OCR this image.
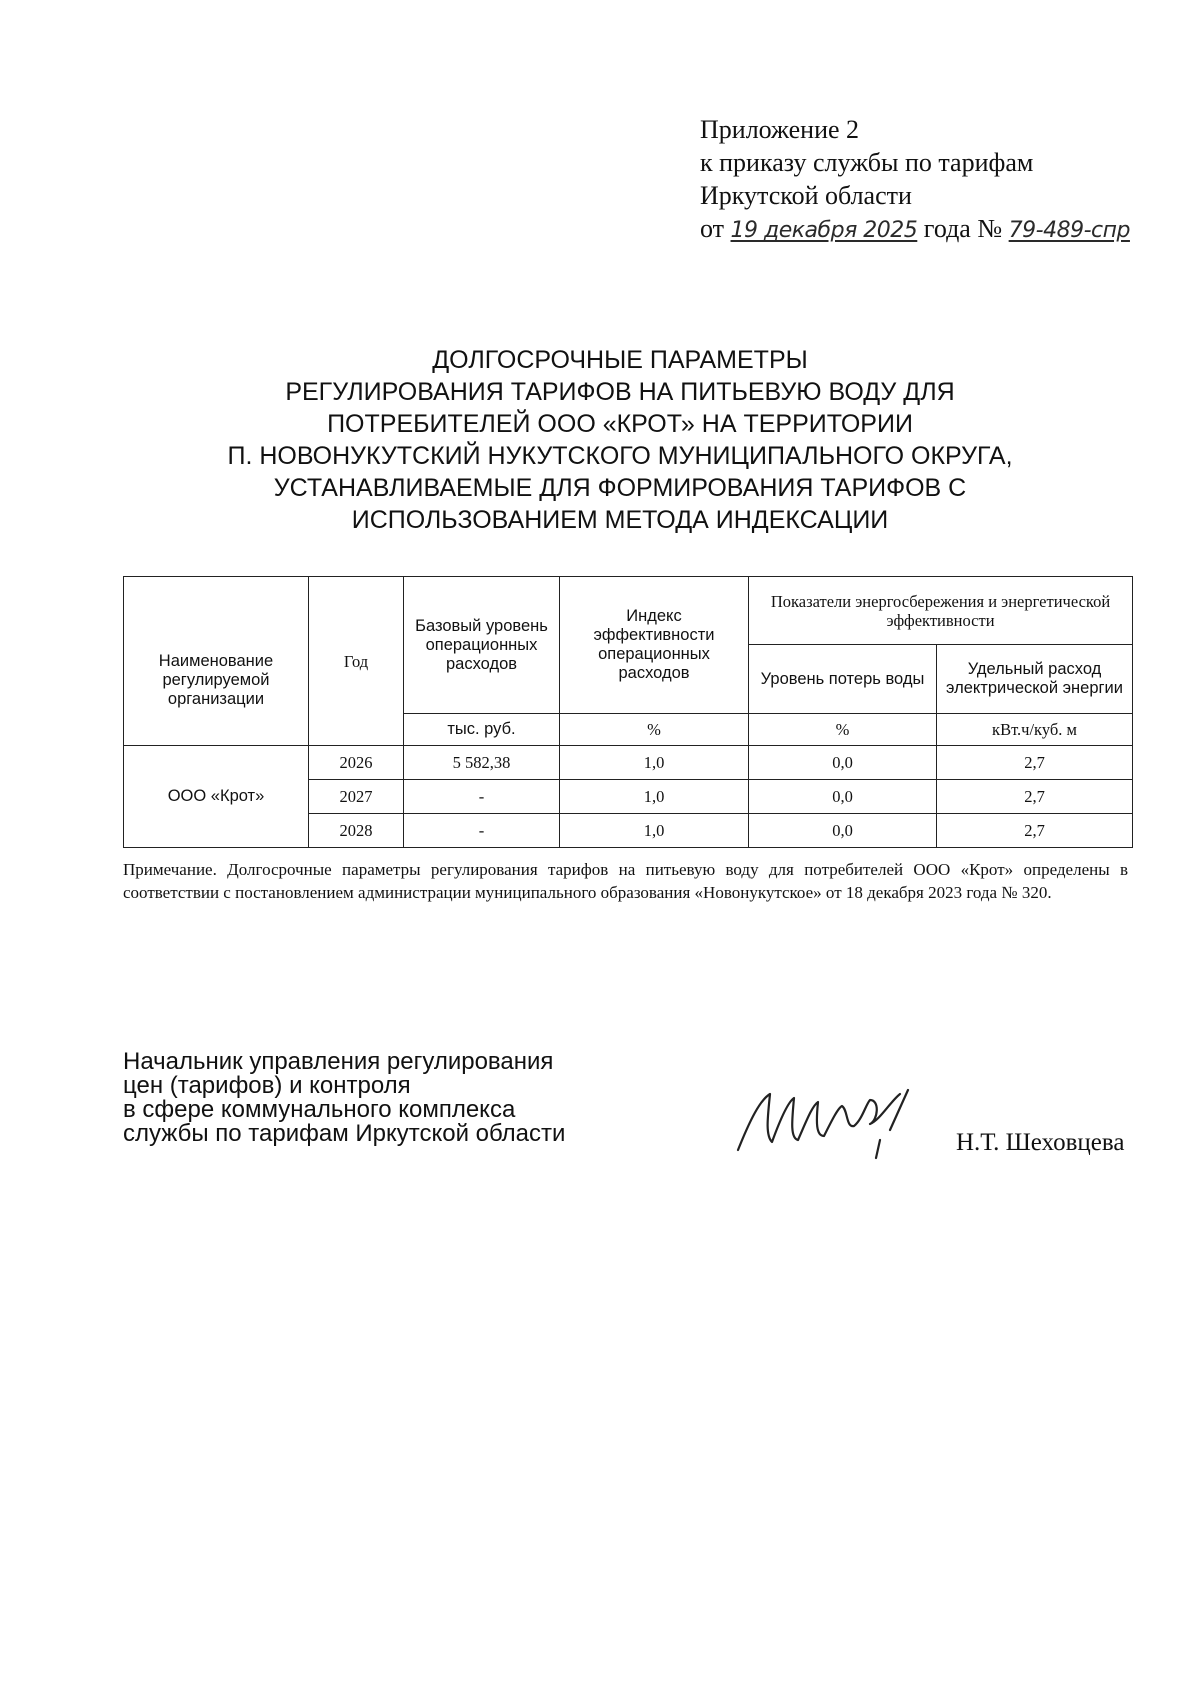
Приложение 2
к приказу службы по тарифам
Иркутской области
от 19 декабря 2025 года № 79-489-спр
ДОЛГОСРОЧНЫЕ ПАРАМЕТРЫ
РЕГУЛИРОВАНИЯ ТАРИФОВ НА ПИТЬЕВУЮ ВОДУ ДЛЯ
ПОТРЕБИТЕЛЕЙ ООО «КРОТ» НА ТЕРРИТОРИИ
П. НОВОНУКУТСКИЙ НУКУТСКОГО МУНИЦИПАЛЬНОГО ОКРУГА,
УСТАНАВЛИВАЕМЫЕ ДЛЯ ФОРМИРОВАНИЯ ТАРИФОВ С
ИСПОЛЬЗОВАНИЕМ МЕТОДА ИНДЕКСАЦИИ
Наименование регулируемой организации	Год	Базовый уровень операционных расходов	Индекс эффективности операционных расходов	Показатели энергосбережения и энергетической эффективности	
				Уровень потерь воды	Удельный расход электрической энергии
		тыс. руб.	%	%	кВт.ч/куб. м
ООО «Крот»	2026	5 582,38	1,0	0,0	2,7
	2027	-	1,0	0,0	2,7
	2028	-	1,0	0,0	2,7
Примечание. Долгосрочные параметры регулирования тарифов на питьевую воду для потребителей ООО «Крот» определены в соответствии с постановлением администрации муниципального образования «Новонукутское» от 18 декабря 2023 года № 320.
Начальник управления регулирования
цен (тарифов) и контроля
в сфере коммунального комплекса
службы по тарифам Иркутской области	Н.Т. Шеховцева
